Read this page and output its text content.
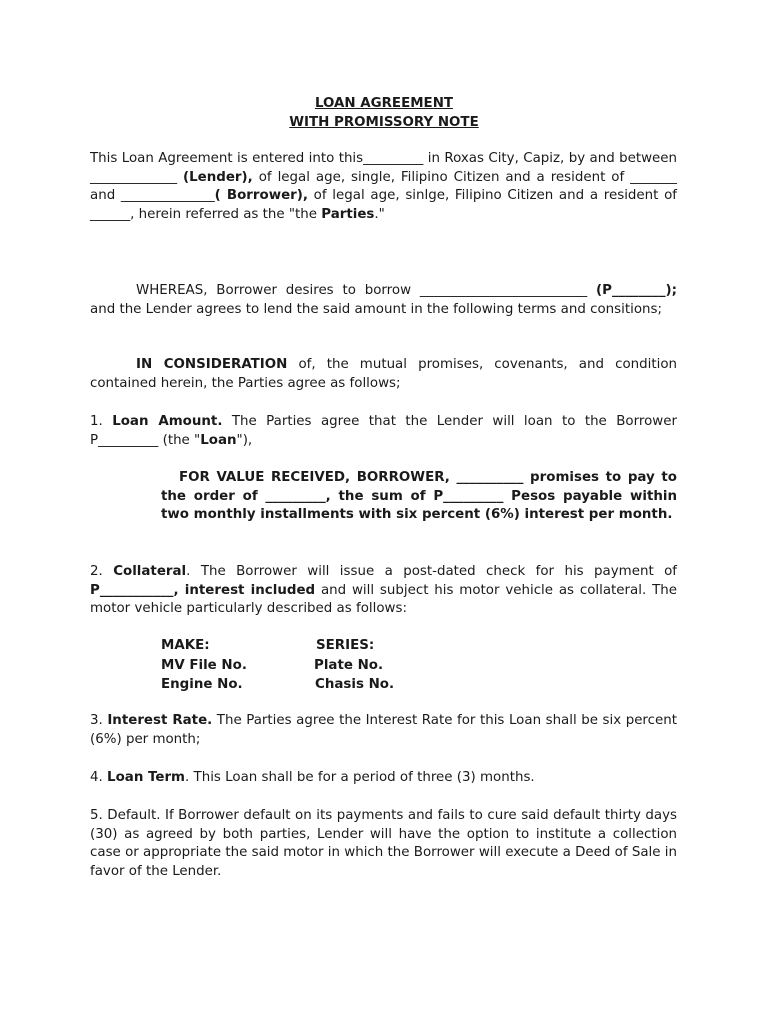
LOAN AGREEMENT
WITH PROMISSORY NOTE

This Loan Agreement is entered into this_________ in Roxas City, Capiz, by and between _____________ (Lender), of legal age, single, Filipino Citizen and a resident of _______ and ______________( Borrower), of legal age, sinlge, Filipino Citizen and a resident of ______, herein referred as the "the Parties."

WHEREAS, Borrower desires to borrow _________________________ (P________); and the Lender agrees to lend the said amount in the following terms and consitions;

IN CONSIDERATION of, the mutual promises, covenants, and condition contained herein, the Parties agree as follows;

1. Loan Amount. The Parties agree that the Lender will loan to the Borrower P_________ (the "Loan"),

FOR VALUE RECEIVED, BORROWER, __________ promises to pay to the order of _________, the sum of P_________ Pesos payable within two monthly installments with six percent (6%) interest per month.

2. Collateral. The Borrower will issue a post-dated check for his payment of P___________, interest included and will subject his motor vehicle as collateral. The motor vehicle particularly described as follows:

MAKE:	SERIES:
MV File No.	Plate No.
Engine No.	Chasis No.

3. Interest Rate. The Parties agree the Interest Rate for this Loan shall be six percent (6%) per month;

4. Loan Term. This Loan shall be for a period of three (3) months.

5. Default. If Borrower default on its payments and fails to cure said default thirty days (30) as agreed by both parties, Lender will have the option to institute a collection case or appropriate the said motor in which the Borrower will execute a Deed of Sale in favor of the Lender.
